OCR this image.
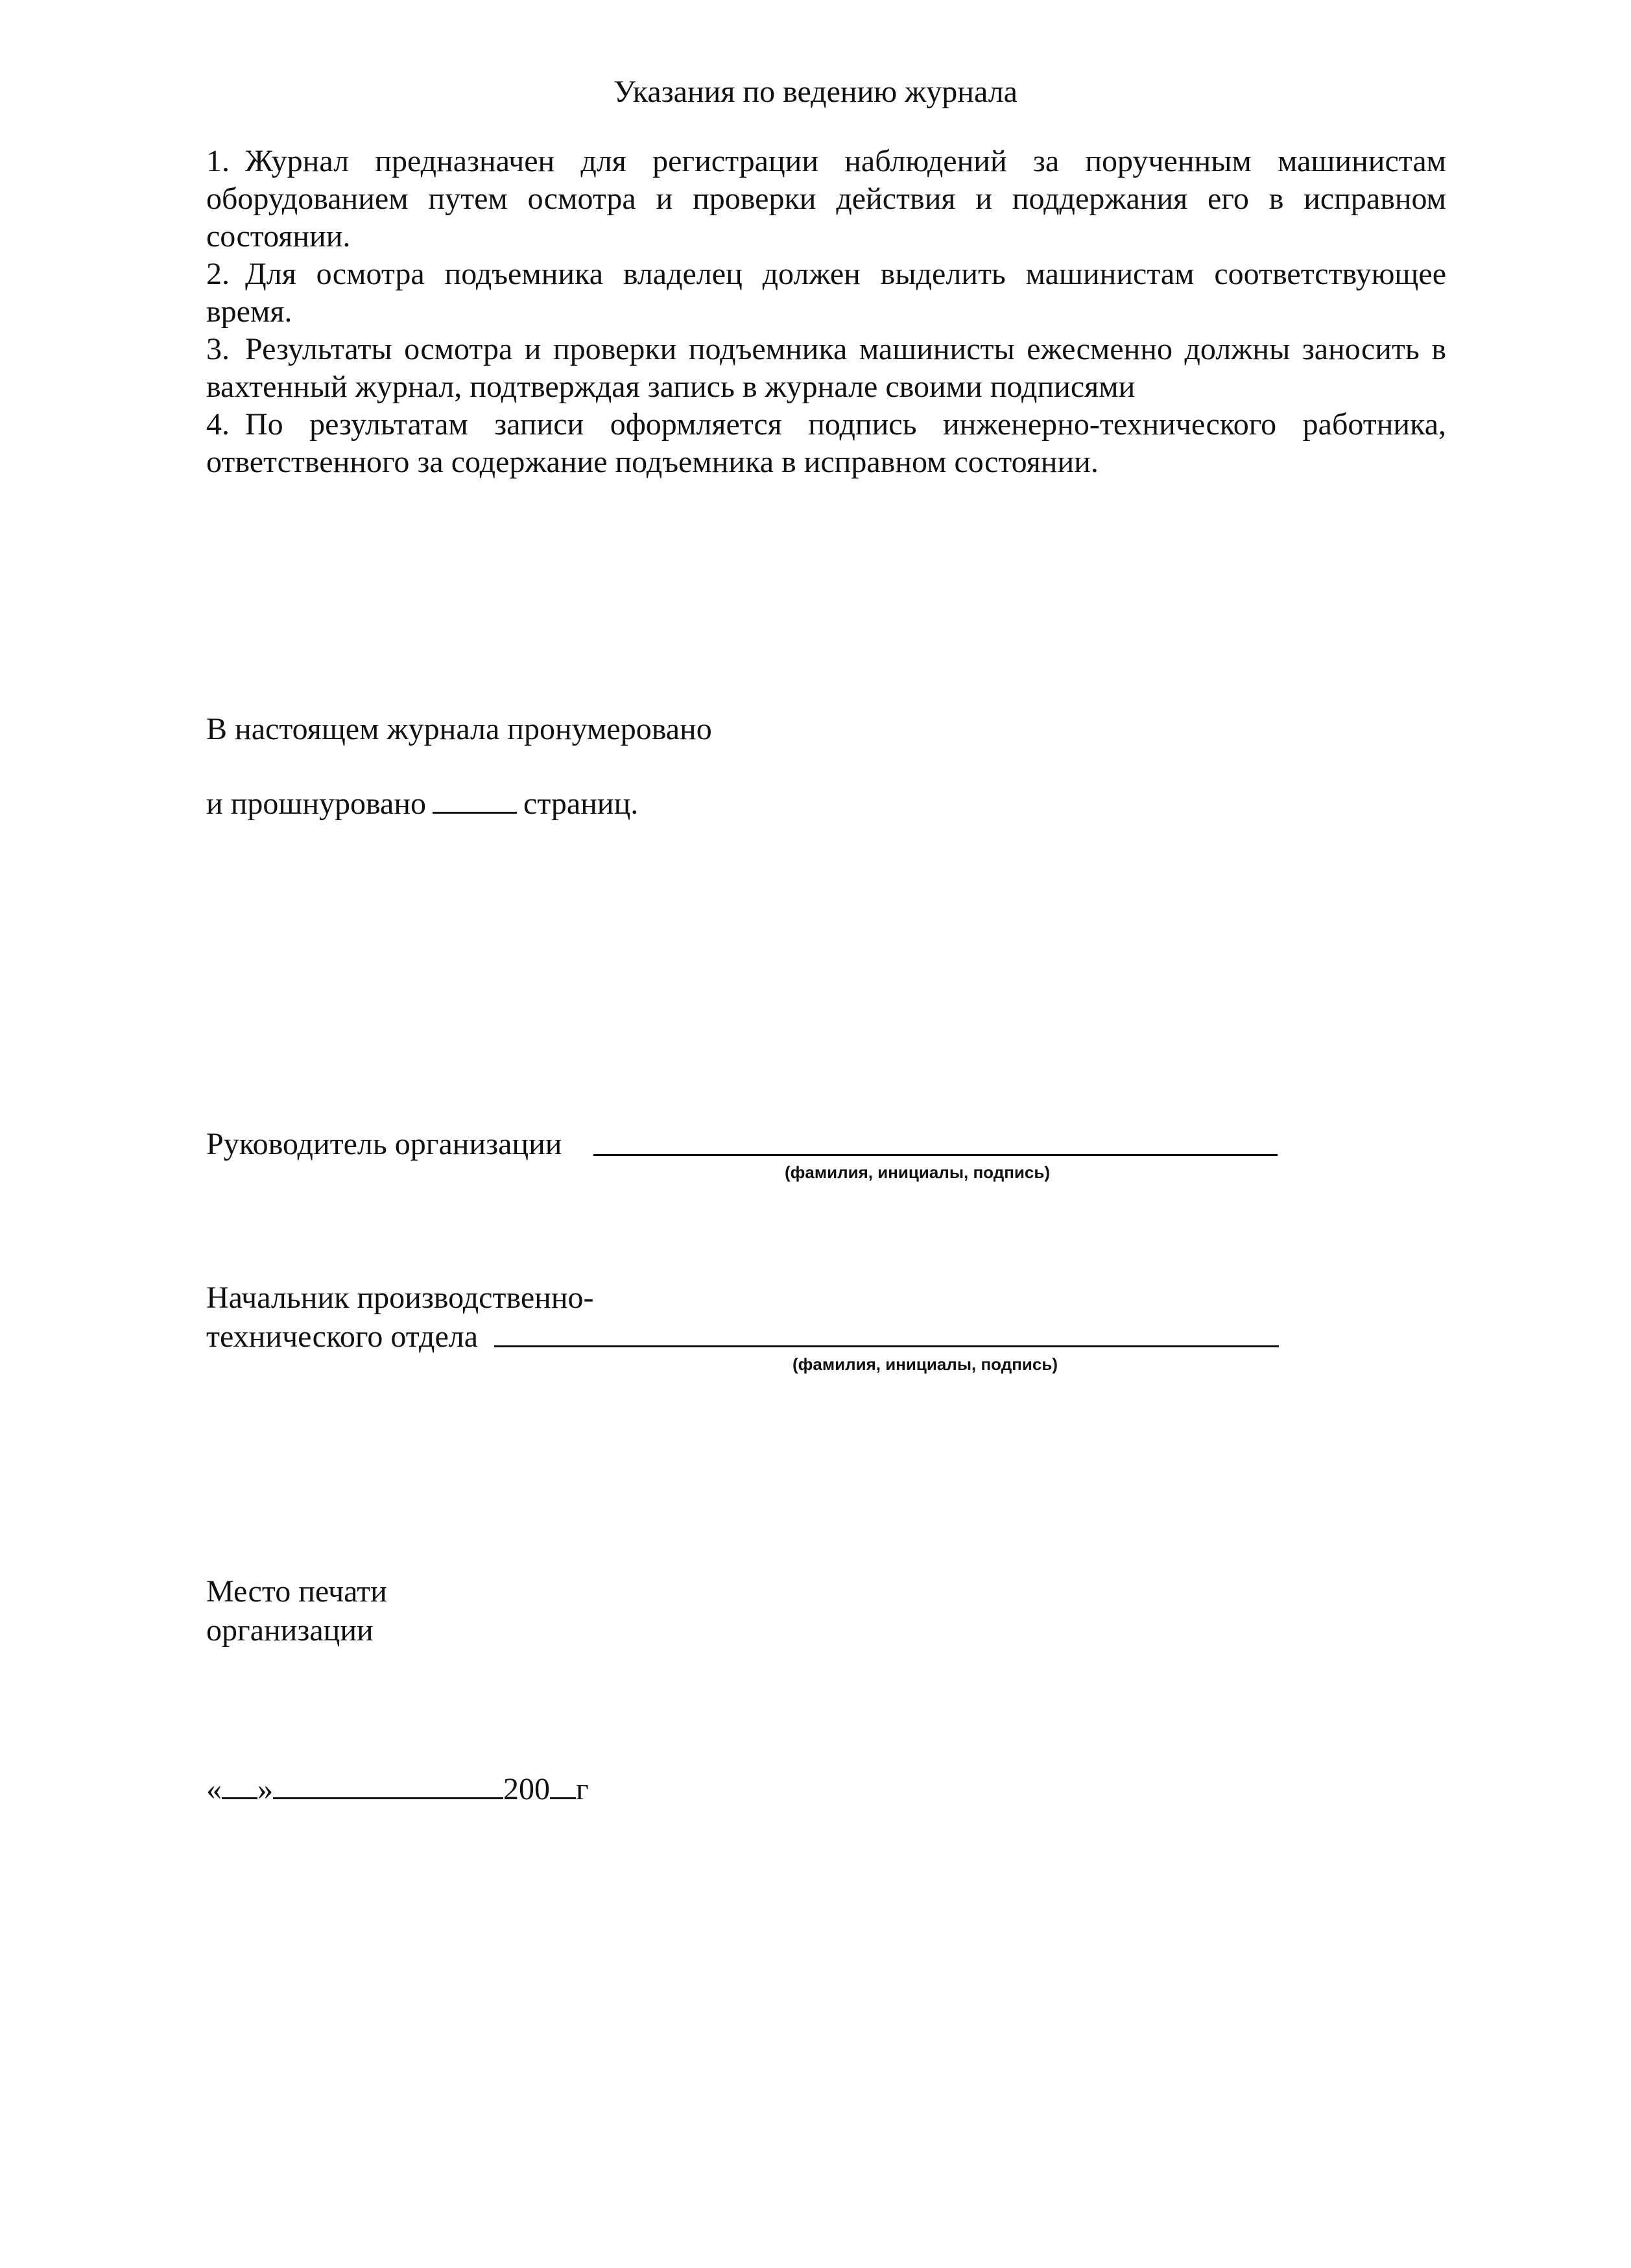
Указания по ведению журнала

1. Журнал предназначен для регистрации наблюдений за порученным машинистам оборудованием путем осмотра и проверки действия и поддержания его в исправном состоянии.

2. Для осмотра подъемника владелец должен выделить машинистам соответствующее время.

3. Результаты осмотра и проверки подъемника машинисты ежесменно должны заносить в вахтенный журнал, подтверждая запись в журнале своими подписями

4. По результатам записи оформляется подпись инженерно-технического работника, ответственного за содержание подъемника в исправном состоянии.

В настоящем журнала пронумеровано
и прошнуровано	страниц.
Руководитель организации
(фамилия, инициалы, подпись)
Начальник производственно-
технического отдела
(фамилия, инициалы, подпись)
Место печати
организации
« »	200 г
